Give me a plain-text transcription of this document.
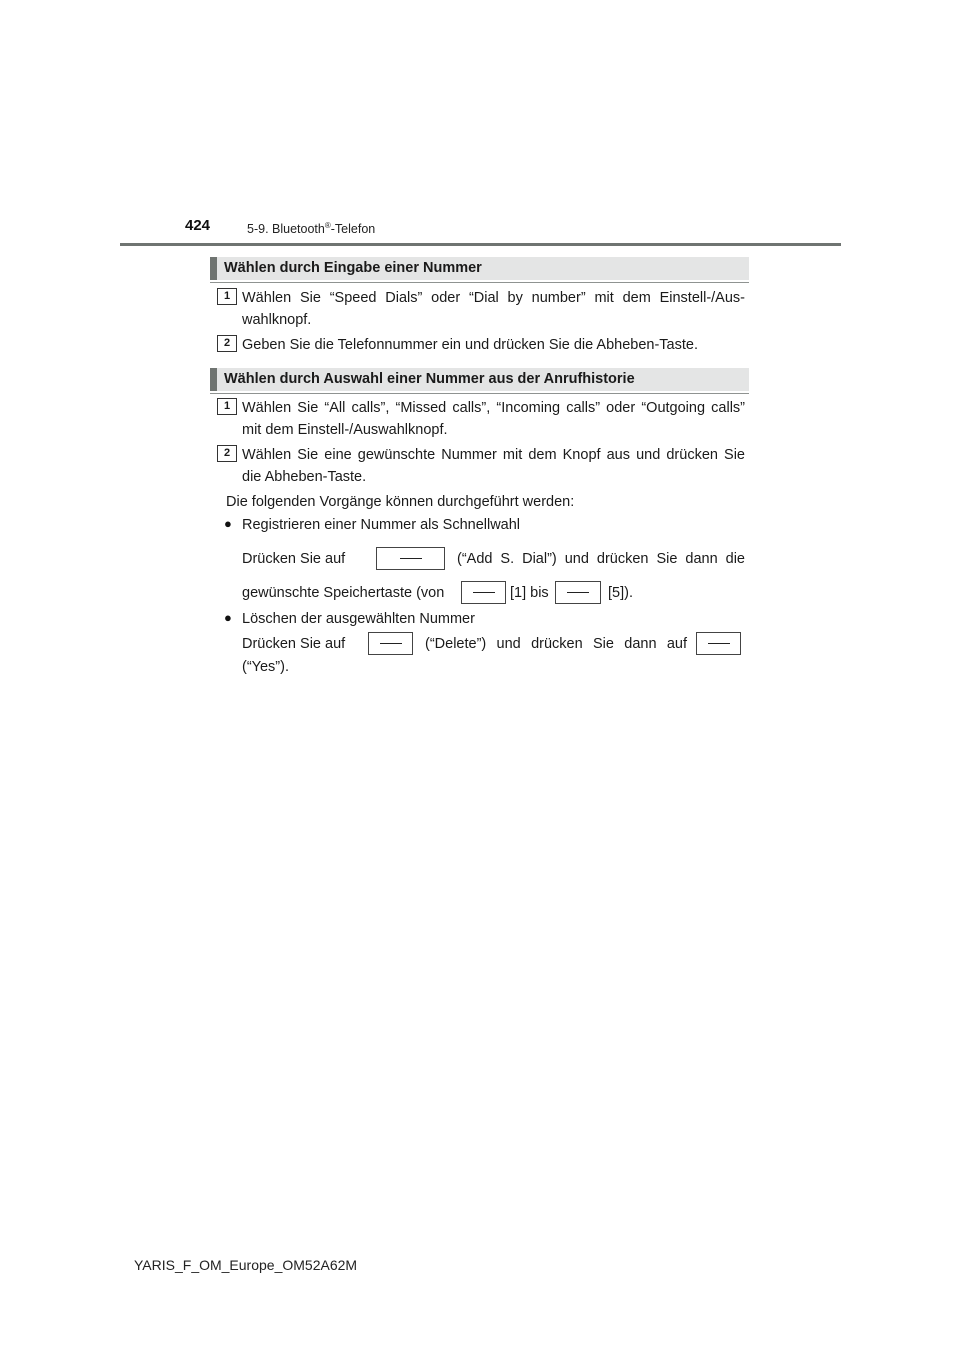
424	5-9. Bluetooth®-Telefon
Wählen durch Eingabe einer Nummer
1 Wählen Sie “Speed Dials” oder “Dial by number” mit dem Einstell-/Aus-wahlknopf.
2 Geben Sie die Telefonnummer ein und drücken Sie die Abheben-Taste.
Wählen durch Auswahl einer Nummer aus der Anrufhistorie
1 Wählen Sie “All calls”, “Missed calls”, “Incoming calls” oder “Outgoing calls” mit dem Einstell-/Auswahlknopf.
2 Wählen Sie eine gewünschte Nummer mit dem Knopf aus und drücken Sie die Abheben-Taste.
Die folgenden Vorgänge können durchgeführt werden:
● Registrieren einer Nummer als Schnellwahl
Drücken Sie auf	(“Add S. Dial”) und drücken Sie dann die
gewünschte Speichertaste (von	[1] bis	[5]).
● Löschen der ausgewählten Nummer
Drücken Sie auf	(“Delete”) und drücken Sie dann auf
(“Yes”).
YARIS_F_OM_Europe_OM52A62M
